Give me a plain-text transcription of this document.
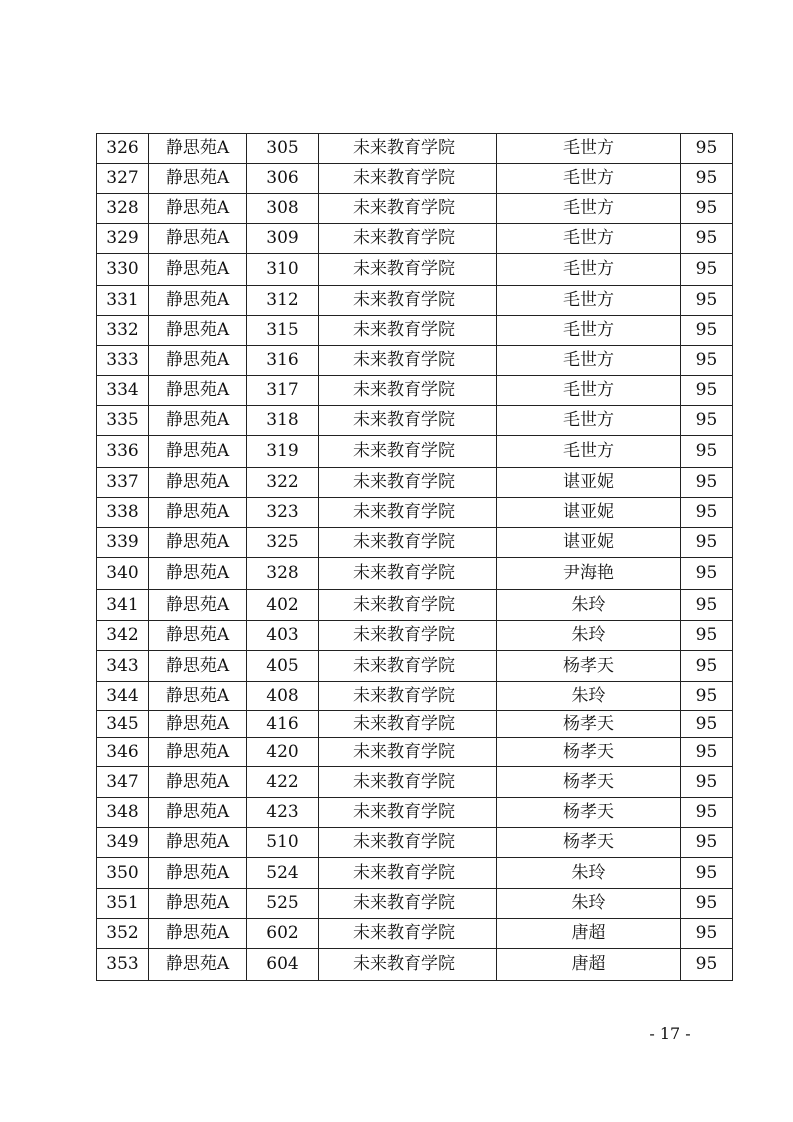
326	静思苑A	305	未来教育学院	毛世方	95
327	静思苑A	306	未来教育学院	毛世方	95
328	静思苑A	308	未来教育学院	毛世方	95
329	静思苑A	309	未来教育学院	毛世方	95
330	静思苑A	310	未来教育学院	毛世方	95
331	静思苑A	312	未来教育学院	毛世方	95
332	静思苑A	315	未来教育学院	毛世方	95
333	静思苑A	316	未来教育学院	毛世方	95
334	静思苑A	317	未来教育学院	毛世方	95
335	静思苑A	318	未来教育学院	毛世方	95
336	静思苑A	319	未来教育学院	毛世方	95
337	静思苑A	322	未来教育学院	谌亚妮	95
338	静思苑A	323	未来教育学院	谌亚妮	95
339	静思苑A	325	未来教育学院	谌亚妮	95
340	静思苑A	328	未来教育学院	尹海艳	95
341	静思苑A	402	未来教育学院	朱玲	95
342	静思苑A	403	未来教育学院	朱玲	95
343	静思苑A	405	未来教育学院	杨孝天	95
344	静思苑A	408	未来教育学院	朱玲	95
345	静思苑A	416	未来教育学院	杨孝天	95
346	静思苑A	420	未来教育学院	杨孝天	95
347	静思苑A	422	未来教育学院	杨孝天	95
348	静思苑A	423	未来教育学院	杨孝天	95
349	静思苑A	510	未来教育学院	杨孝天	95
350	静思苑A	524	未来教育学院	朱玲	95
351	静思苑A	525	未来教育学院	朱玲	95
352	静思苑A	602	未来教育学院	唐超	95
353	静思苑A	604	未来教育学院	唐超	95
- 17 -
